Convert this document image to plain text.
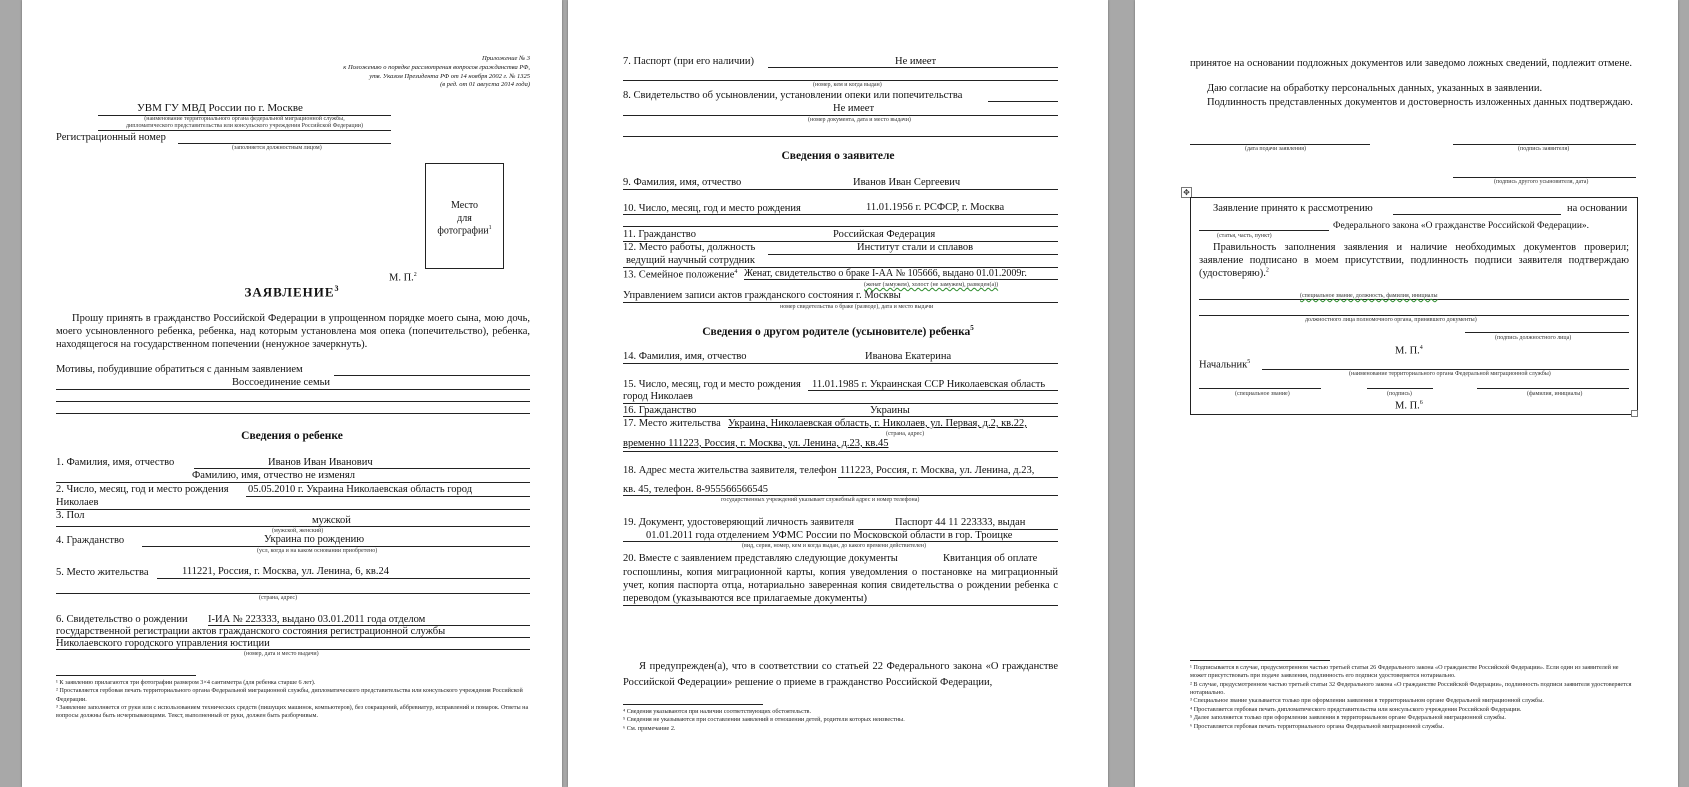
Приложение № 3
к Положению о порядке рассмотрения вопросов гражданства РФ,
утв. Указом Президента РФ от 14 ноября 2002 г. № 1325
(в ред. от 01 августа 2014 года)
УВМ ГУ МВД России по г. Москве
(наименование территориального органа федеральной миграционной службы,
дипломатического представительства или консульского учреждения Российской Федерации)
Регистрационный номер
(заполняется должностным лицом)
Место
для
фотографии$^1$
М. П.$^2$
ЗАЯВЛЕНИЕ$^3$
Прошу принять в гражданство Российской Федерации в упрощенном порядке моего сына, мою дочь, моего усыновленного ребенка, ребенка, над которым установлена моя опека (попечительство), ребенка, находящегося на государственном попечении (ненужное зачеркнуть).
Мотивы, побудившие обратиться с данным заявлением
Воссоединение семьи
Сведения о ребенке
1. Фамилия, имя, отчество	Иванов Иван Иванович
Фамилию, имя, отчество не изменял
2. Число, месяц, год и место рождения 05.05.2010 г. Украина Николаевская область город
Николаев
3. Пол	мужской
(мужской, женский)
4. Гражданство	Украина по рождению
(усл, когда и на каком основании приобретено)
5. Место жительства	111221, Россия, г. Москва, ул. Ленина, 6, кв.24
(страна, адрес)
6. Свидетельство о рождении I-ИА № 223333, выдано 03.01.2011 года отделом
государственной регистрации актов гражданского состояния регистрационной службы
Николаевского городского управления юстиции
(номер, дата и место выдачи)
¹ К заявлению прилагаются три фотографии размером 3×4 сантиметра (для ребенка старше 6 лет).
² Проставляется гербовая печать территориального органа Федеральной миграционной службы, дипломатического представительства или консульского учреждения Российской Федерации.
³ Заявление заполняется от руки или с использованием технических средств (пишущих машинок, компьютеров), без сокращений, аббревиатур, исправлений и помарок. Ответы на вопросы должны быть исчерпывающими. Текст, выполненный от руки, должен быть разборчивым.
7. Паспорт (при его наличии)	Не имеет
(номер, кем и когда выдан)
8. Свидетельство об усыновлении, установлении опеки или попечительства
Не имеет
(номер документа, дата и место выдачи)
Сведения о заявителе
9. Фамилия, имя, отчество	Иванов Иван Сергеевич
10. Число, месяц, год и место рождения	11.01.1956 г. РСФСР, г. Москва
11. Гражданство	Российская Федерация
12. Место работы, должность	Институт стали и сплавов
ведущий научный сотрудник
13. Семейное положение$^4$ Женат, свидетельство о браке I-АА № 105666, выдано 01.01.2009г.
(женат (замужем), холост (не замужем), разведен(а))
Управлением записи актов гражданского состояния г. Москвы
номер свидетельства о браке (разводе), дата и место выдачи
Сведения о другом родителе (усыновителе) ребенка$^5$
14. Фамилия, имя, отчество	Иванова Екатерина
15. Число, месяц, год и место рождения 11.01.1985 г. Украинская ССР Николаевская область
город Николаев
16. Гражданство	Украины
17. Место жительства Украина, Николаевская область, г. Николаев, ул. Первая, д.2, кв.22,
(страна, адрес)
временно 111223, Россия, г. Москва, ул. Ленина, д.23, кв.45
18. Адрес места жительства заявителя, телефон 111223, Россия, г. Москва, ул. Ленина, д.23,
кв. 45, телефон. 8-955566566545
государственных учреждений указывает служебный адрес и номер телефона)
19. Документ, удостоверяющий личность заявителя	Паспорт 44 11 223333, выдан
01.01.2011 года отделением УФМС России по Московской области в гор. Троицке
(вид, серия, номер, кем и когда выдан, до какого времени действителен)
20. Вместе с заявлением представляю следующие документы	Квитанция об оплате
госпошлины, копия миграционной карты, копия уведомления о постановке на миграционный учет, копия паспорта отца, нотариально заверенная копия свидетельства о рождении ребенка с переводом (указываются все прилагаемые документы)
Я предупрежден(а), что в соответствии со статьей 22 Федерального закона «О гражданстве Российской Федерации» решение о приеме в гражданство Российской Федерации,
⁴ Сведения указываются при наличии соответствующих обстоятельств.
⁵ Сведения не указываются при составлении заявлений в отношении детей, родители которых неизвестны.
⁶ См. примечание 2.
принятое на основании подложных документов или заведомо ложных сведений, подлежит отмене.
Даю согласие на обработку персональных данных, указанных в заявлении.
Подлинность представленных документов и достоверность изложенных данных подтверждаю.
(дата подачи заявления)	(подпись заявителя)
(подпись другого усыновителя, дата)
✥
Заявление принято к рассмотрению	на основании
(статья, часть, пункт)
Федерального закона «О гражданстве Российской Федерации».
Правильность заполнения заявления и наличие необходимых документов проверил; заявление подписано в моем присутствии, подлинность подписи заявителя подтверждаю (удостоверяю).$^2$
(специальное звание, должность, фамилия, инициалы
должностного лица полномочного органа, принявшего документы)
(подпись должностного лица)
М. П.$^4$
Начальник$^5$
(наименование территориального органа Федеральной миграционной службы)
(специальное звание)	(подпись)	(фамилия, инициалы)
М. П.$^6$
¹ Подписывается в случае, предусмотренном частью третьей статьи 26 Федерального закона «О гражданстве Российской Федерации». Если один из заявителей не может присутствовать при подаче заявления, подлинность его подписи удостоверяется нотариально.
² В случае, предусмотренном частью третьей статьи 32 Федерального закона «О гражданстве Российской Федерации», подлинность подписи заявителя удостоверяется нотариально.
³ Специальное звание указывается только при оформлении заявления в территориальном органе Федеральной миграционной службы.
⁴ Проставляется гербовая печать дипломатического представительства или консульского учреждения Российской Федерации.
⁵ Далее заполняется только при оформлении заявления в территориальном органе Федеральной миграционной службы.
⁶ Проставляется гербовая печать территориального органа Федеральной миграционной службы.
